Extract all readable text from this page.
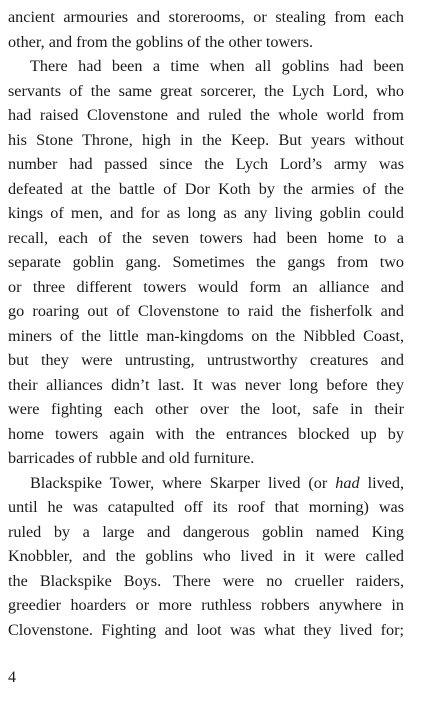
ancient armouries and storerooms, or stealing from each
other, and from the goblins of the other towers.
There had been a time when all goblins had been
servants of the same great sorcerer, the Lych Lord, who
had raised Clovenstone and ruled the whole world from
his Stone Throne, high in the Keep. But years without
number had passed since the Lych Lord’s army was
defeated at the battle of Dor Koth by the armies of the
kings of men, and for as long as any living goblin could
recall, each of the seven towers had been home to a
separate goblin gang. Sometimes the gangs from two
or three different towers would form an alliance and
go roaring out of Clovenstone to raid the fisherfolk and
miners of the little man-kingdoms on the Nibbled Coast,
but they were untrusting, untrustworthy creatures and
their alliances didn’t last. It was never long before they
were fighting each other over the loot, safe in their
home towers again with the entrances blocked up by
barricades of rubble and old furniture.
Blackspike Tower, where Skarper lived (or had lived,
until he was catapulted off its roof that morning) was
ruled by a large and dangerous goblin named King
Knobbler, and the goblins who lived in it were called
the Blackspike Boys. There were no crueller raiders,
greedier hoarders or more ruthless robbers anywhere in
Clovenstone. Fighting and loot was what they lived for;
4
